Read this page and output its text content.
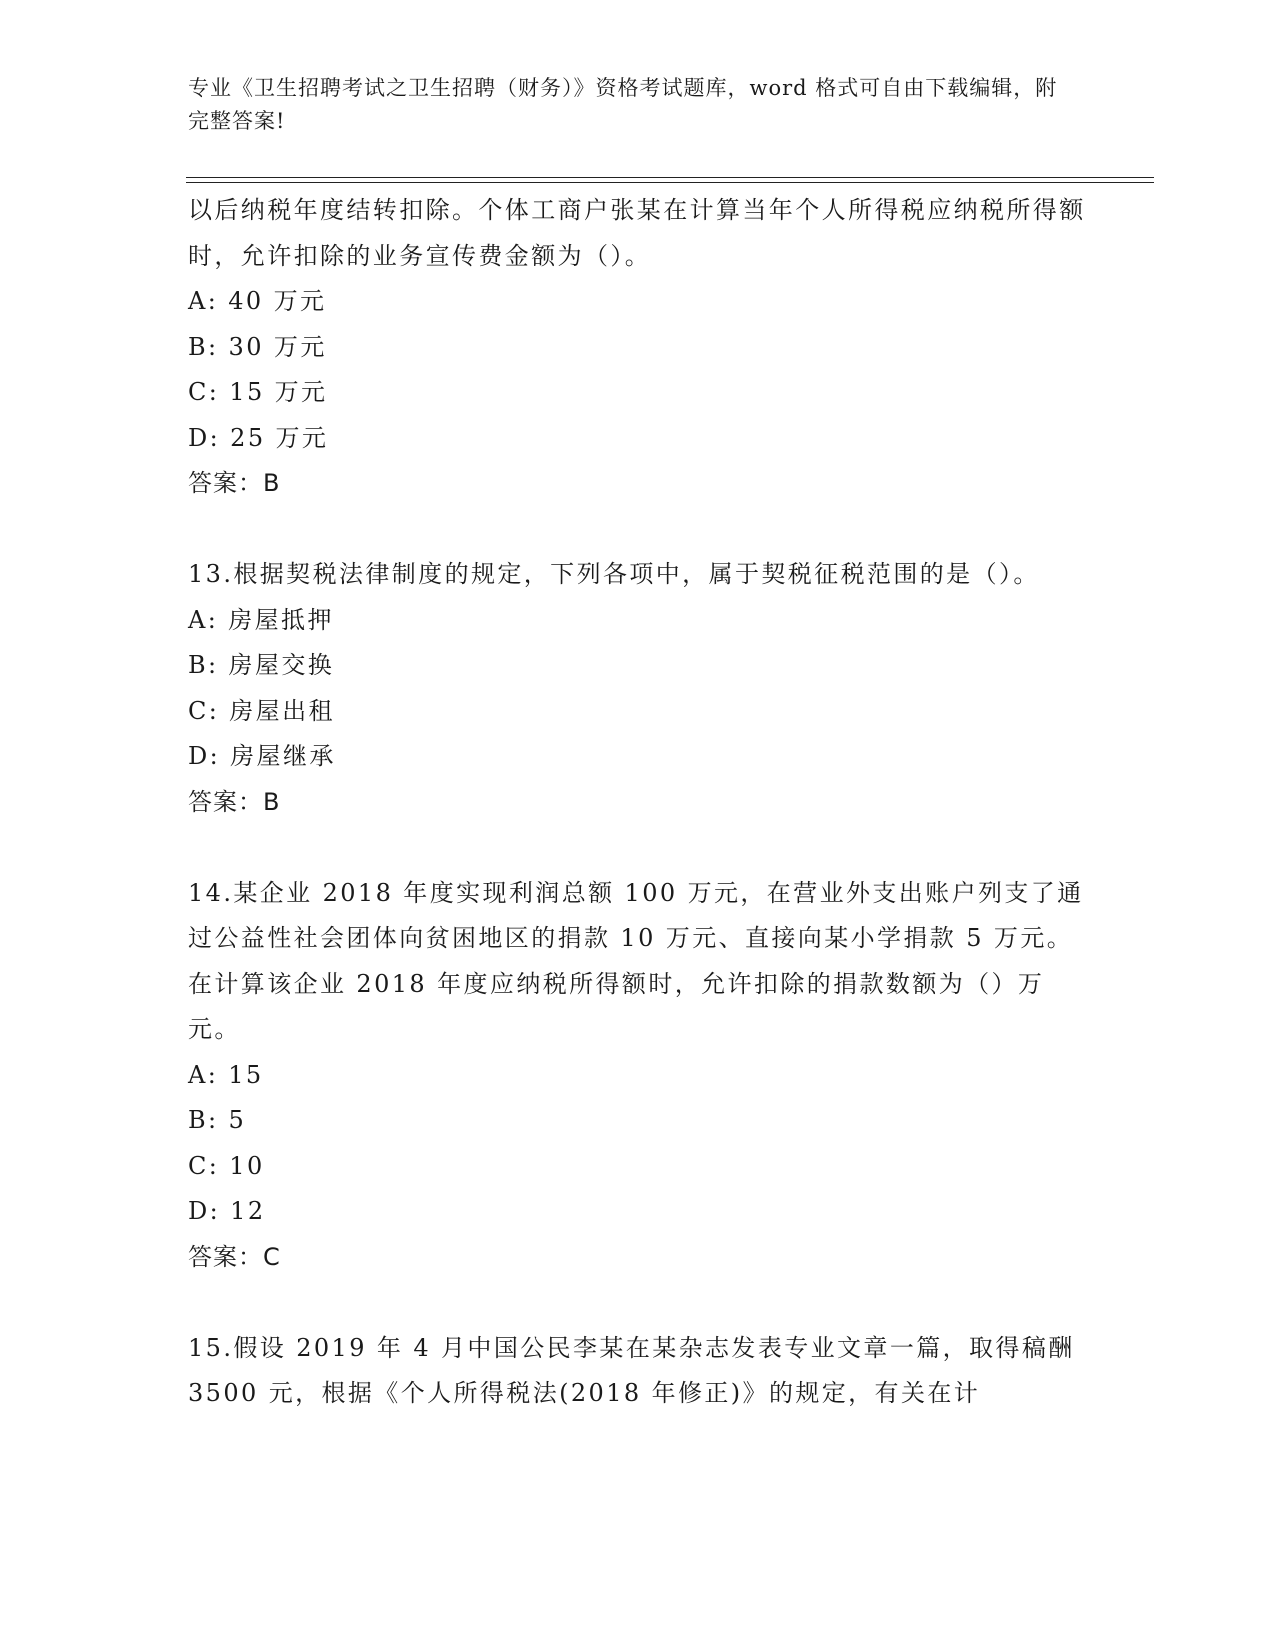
专业《卫生招聘考试之卫生招聘（财务）》资格考试题库，word 格式可自由下载编辑，附完整答案!

以后纳税年度结转扣除。个体工商户张某在计算当年个人所得税应纳税所得额时，允许扣除的业务宣传费金额为（）。

A: 40 万元

B: 30 万元

C: 15 万元

D: 25 万元

答案：B

13.根据契税法律制度的规定，下列各项中，属于契税征税范围的是（）。

A: 房屋抵押

B: 房屋交换

C: 房屋出租

D: 房屋继承

答案：B

14.某企业 2018 年度实现利润总额 100 万元，在营业外支出账户列支了通过公益性社会团体向贫困地区的捐款 10 万元、直接向某小学捐款 5 万元。在计算该企业 2018 年度应纳税所得额时，允许扣除的捐款数额为（）万元。

A: 15

B: 5

C: 10

D: 12

答案：C

15.假设 2019 年 4 月中国公民李某在某杂志发表专业文章一篇，取得稿酬 3500 元，根据《个人所得税法(2018 年修正)》的规定，有关在计
